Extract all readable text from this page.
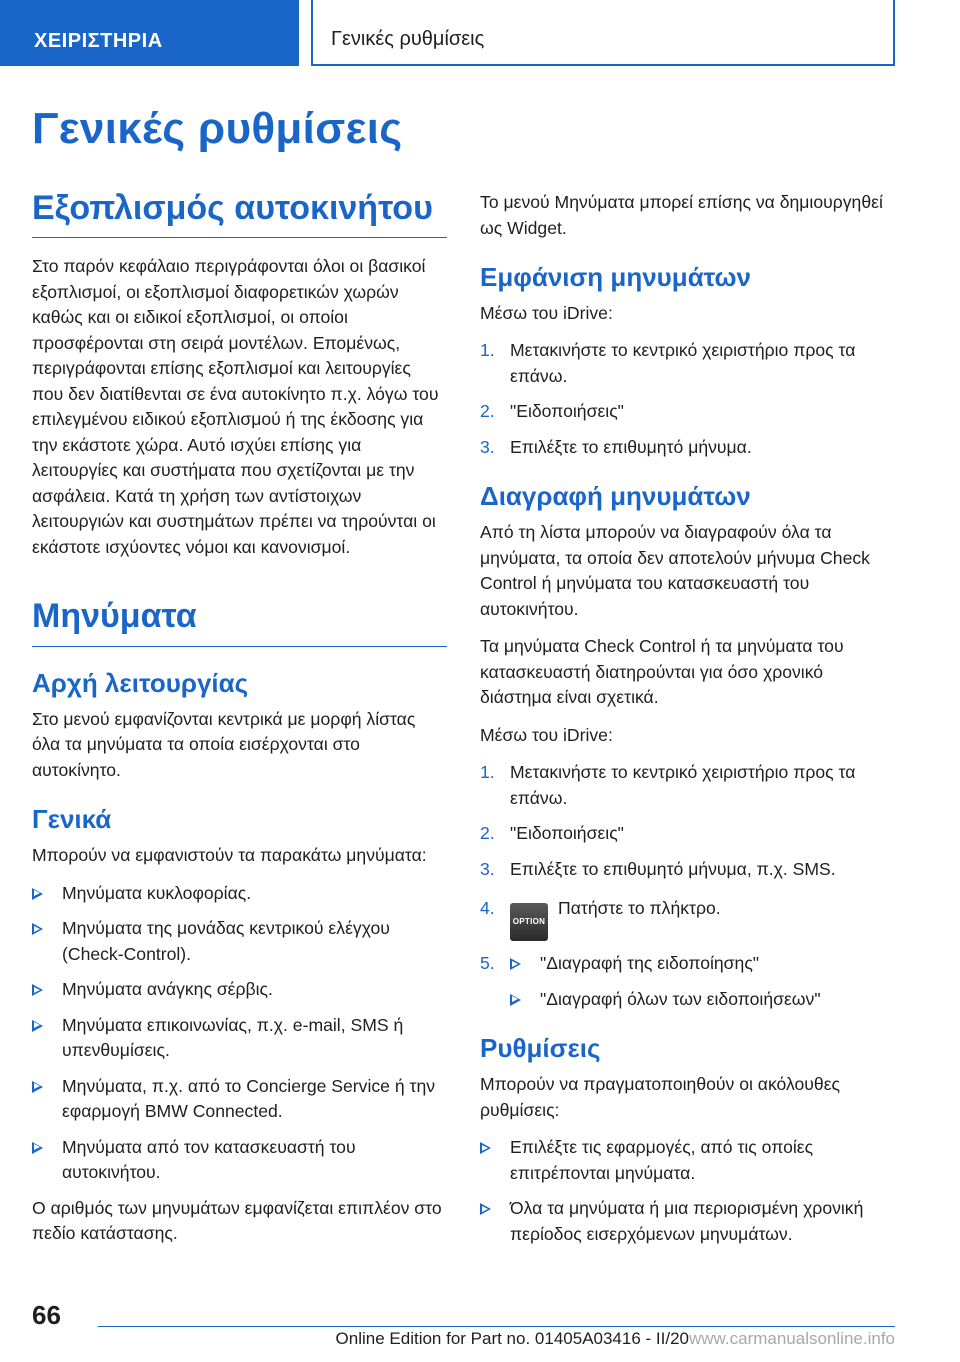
ΧΕΙΡΙΣΤΗΡΙΑ	Γενικές ρυθμίσεις
Γενικές ρυθμίσεις
Εξοπλισμός αυτοκινήτου

Στο παρόν κεφάλαιο περιγράφονται όλοι οι βασικοί εξοπλισμοί, οι εξοπλισμοί διαφορετικών χωρών καθώς και οι ειδικοί εξοπλισμοί, οι οποίοι προσφέρονται στη σειρά μοντέλων. Επομένως, περιγράφονται επίσης εξοπλισμοί και λειτουργίες που δεν διατίθενται σε ένα αυτοκίνητο π.χ. λόγω του επιλεγμένου ειδικού εξοπλισμού ή της έκδοσης για την εκάστοτε χώρα. Αυτό ισχύει επίσης για λειτουργίες και συστήματα που σχετίζονται με την ασφάλεια. Κατά τη χρήση των αντίστοιχων λειτουργιών και συστημάτων πρέπει να τηρούνται οι εκάστοτε ισχύοντες νόμοι και κανονισμοί.

Μηνύματα
Αρχή λειτουργίας

Στο μενού εμφανίζονται κεντρικά με μορφή λίστας όλα τα μηνύματα τα οποία εισέρχονται στο αυτοκίνητο.

Γενικά

Μπορούν να εμφανιστούν τα παρακάτω μηνύματα:

Μηνύματα κυκλοφορίας.
Μηνύματα της μονάδας κεντρικού ελέγχου (Check-Control).
Μηνύματα ανάγκης σέρβις.
Μηνύματα επικοινωνίας, π.χ. e-mail, SMS ή υπενθυμίσεις.
Μηνύματα, π.χ. από το Concierge Service ή την εφαρμογή BMW Connected.
Μηνύματα από τον κατασκευαστή του αυτοκινήτου.

Ο αριθμός των μηνυμάτων εμφανίζεται επιπλέον στο πεδίο κατάστασης.

Το μενού Μηνύματα μπορεί επίσης να δημιουργηθεί ως Widget.

Εμφάνιση μηνυμάτων

Μέσω του iDrive:

1. Μετακινήστε το κεντρικό χειριστήριο προς τα επάνω.
2. "Ειδοποιήσεις"
3. Επιλέξτε το επιθυμητό μήνυμα.
Διαγραφή μηνυμάτων

Από τη λίστα μπορούν να διαγραφούν όλα τα μηνύματα, τα οποία δεν αποτελούν μήνυμα Check Control ή μηνύματα του κατασκευαστή του αυτοκινήτου.

Τα μηνύματα Check Control ή τα μηνύματα του κατασκευαστή διατηρούνται για όσο χρονικό διάστημα είναι σχετικά.

Μέσω του iDrive:

1. Μετακινήστε το κεντρικό χειριστήριο προς τα επάνω.
2. "Ειδοποιήσεις"
3. Επιλέξτε το επιθυμητό μήνυμα, π.χ. SMS.
4.
OPTIONΠατήστε το πλήκτρο.
5.	"Διαγραφή της ειδοποίησης"
"Διαγραφή όλων των ειδοποιήσεων"
Ρυθμίσεις

Μπορούν να πραγματοποιηθούν οι ακόλουθες ρυθμίσεις:

Επιλέξτε τις εφαρμογές, από τις οποίες επιτρέπονται μηνύματα.
Όλα τα μηνύματα ή μια περιορισμένη χρονική περίοδος εισερχόμενων μηνυμάτων.
66
Online Edition for Part no. 01405A03416 - II/20www.carmanualsonline.info
